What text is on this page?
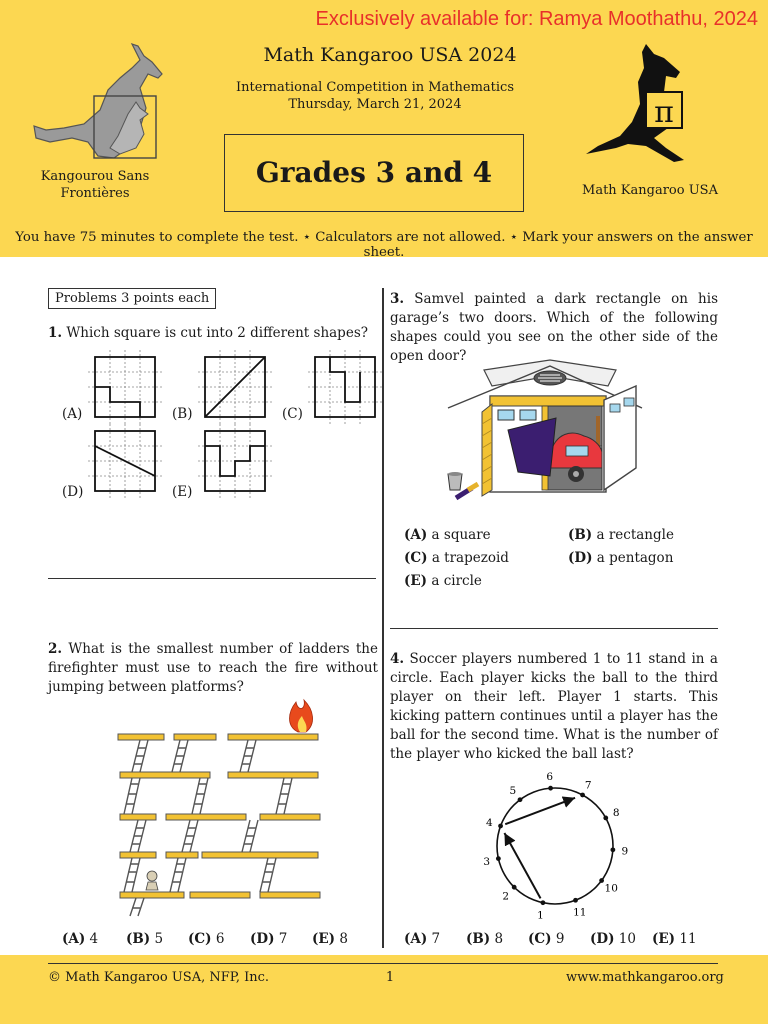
Exclusively available for: Ramya Moothathu, 2024
Kangourou Sans
Frontières
Math Kangaroo USA 2024
International Competition in Mathematics
Thursday, March 21, 2024
Grades 3 and 4
π
Math Kangaroo USA
You have 75 minutes to complete the test. ⋆ Calculators are not allowed. ⋆ Mark your answers on the answer sheet.
Problems 3 points each
1. Which square is cut into 2 different shapes?
(A)	(B)	(C)
(D)	(E)
2. What is the smallest number of ladders the firefighter must use to reach the fire without jumping between platforms?
(A) 4 (B) 5 (C) 6 (D) 7 (E) 8
3. Samvel painted a dark rectangle on his garage’s two doors. Which of the following shapes could you see on the other side of the open door?
(A) a square	(B) a rectangle
(C) a trapezoid	(D) a pentagon
(E) a circle
4. Soccer players numbered 1 to 11 stand in a circle. Each player kicks the ball to the third player on their left. Player 1 starts. This kicking pattern continues until a player has the ball for the second time. What is the number of the player who kicked the ball last?
1
2
3
4
5
6
7
8
9
10
11
(A) 7 (B) 8 (C) 9 (D) 10 (E) 11
© Math Kangaroo USA, NFP, Inc.	1	www.mathkangaroo.org
